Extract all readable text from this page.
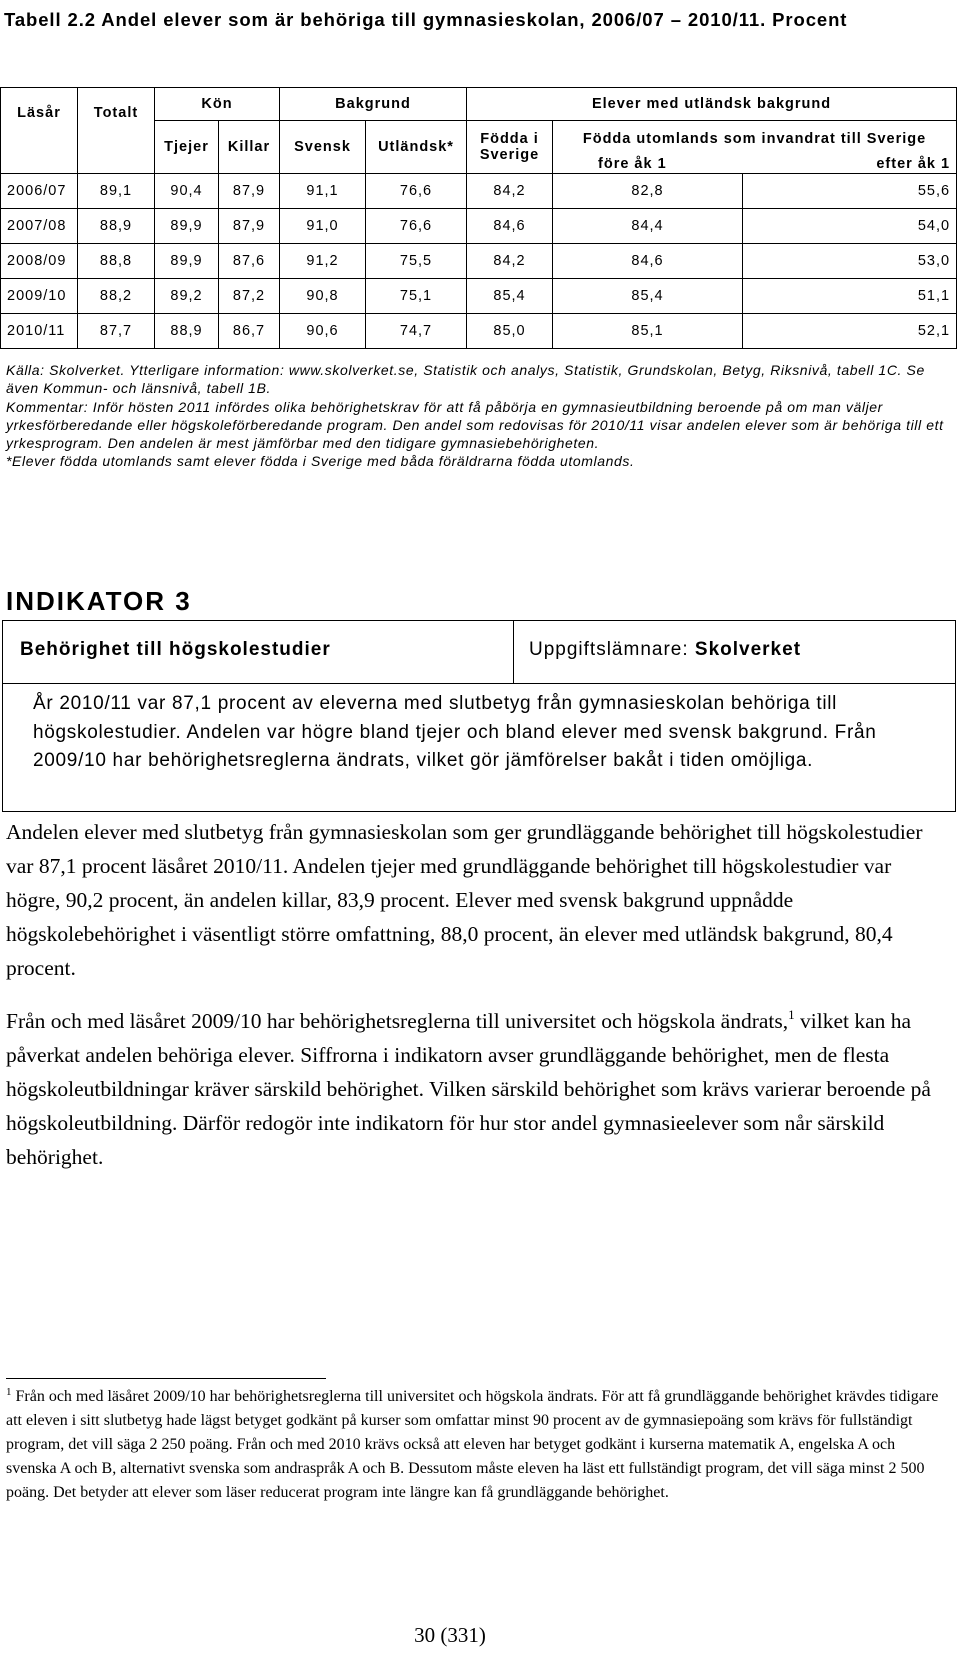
Tabell 2.2 Andel elever som är behöriga till gymnasieskolan, 2006/07 – 2010/11. Procent
Läsår	Totalt	Kön		Bakgrund		Elever med utländsk bakgrund		
		Tjejer	Killar	Svensk	Utländsk*	Födda i Sverige	Födda utomlands som invandrat till Sverige	
							före åk 1	efter åk 1
2006/07	89,1	90,4	87,9	91,1	76,6	84,2	82,8	55,6
2007/08	88,9	89,9	87,9	91,0	76,6	84,6	84,4	54,0
2008/09	88,8	89,9	87,6	91,2	75,5	84,2	84,6	53,0
2009/10	88,2	89,2	87,2	90,8	75,1	85,4	85,4	51,1
2010/11	87,7	88,9	86,7	90,6	74,7	85,0	85,1	52,1

Källa: Skolverket. Ytterligare information: www.skolverket.se, Statistik och analys, Statistik, Grundskolan, Betyg, Riksnivå, tabell 1C. Se även Kommun- och länsnivå, tabell 1B.

Kommentar: Inför hösten 2011 infördes olika behörighetskrav för att få påbörja en gymnasieutbildning beroende på om man väljer yrkesförberedande eller högskoleförberedande program. Den andel som redovisas för 2010/11 visar andelen elever som är behöriga till ett yrkesprogram. Den andelen är mest jämförbar med den tidigare gymnasiebehörigheten.

*Elever födda utomlands samt elever födda i Sverige med båda föräldrarna födda utomlands.

INDIKATOR 3
Behörighet till högskolestudier	Uppgiftslämnare: Skolverket

År 2010/11 var 87,1 procent av eleverna med slutbetyg från gymnasieskolan behöriga till högskolestudier. Andelen var högre bland tjejer och bland elever med svensk bakgrund. Från 2009/10 har behörighetsreglerna ändrats, vilket gör jämförelser bakåt i tiden omöjliga.

Andelen elever med slutbetyg från gymnasieskolan som ger grundläggande behörighet till högskolestudier var 87,1 procent läsåret 2010/11. Andelen tjejer med grundläggande behörighet till högskolestudier var högre, 90,2 procent, än andelen killar, 83,9 procent. Elever med svensk bakgrund uppnådde högskolebehörighet i väsentligt större omfattning, 88,0 procent, än elever med utländsk bakgrund, 80,4 procent.

Från och med läsåret 2009/10 har behörighetsreglerna till universitet och högskola ändrats,$^1$ vilket kan ha påverkat andelen behöriga elever. Siffrorna i indikatorn avser grundläggande behörighet, men de flesta högskoleutbildningar kräver särskild behörighet. Vilken särskild behörighet som krävs varierar beroende på högskoleutbildning. Därför redogör inte indikatorn för hur stor andel gymnasieelever som når särskild behörighet.

$^1$ Från och med läsåret 2009/10 har behörighetsreglerna till universitet och högskola ändrats. För att få grundläggande behörighet krävdes tidigare att eleven i sitt slutbetyg hade lägst betyget godkänt på kurser som omfattar minst 90 procent av de gymnasiepoäng som krävs för fullständigt program, det vill säga 2 250 poäng. Från och med 2010 krävs också att eleven har betyget godkänt i kurserna matematik A, engelska A och svenska A och B, alternativt svenska som andraspråk A och B. Dessutom måste eleven ha läst ett fullständigt program, det vill säga minst 2 500 poäng. Det betyder att elever som läser reducerat program inte längre kan få grundläggande behörighet.

30 (331)
